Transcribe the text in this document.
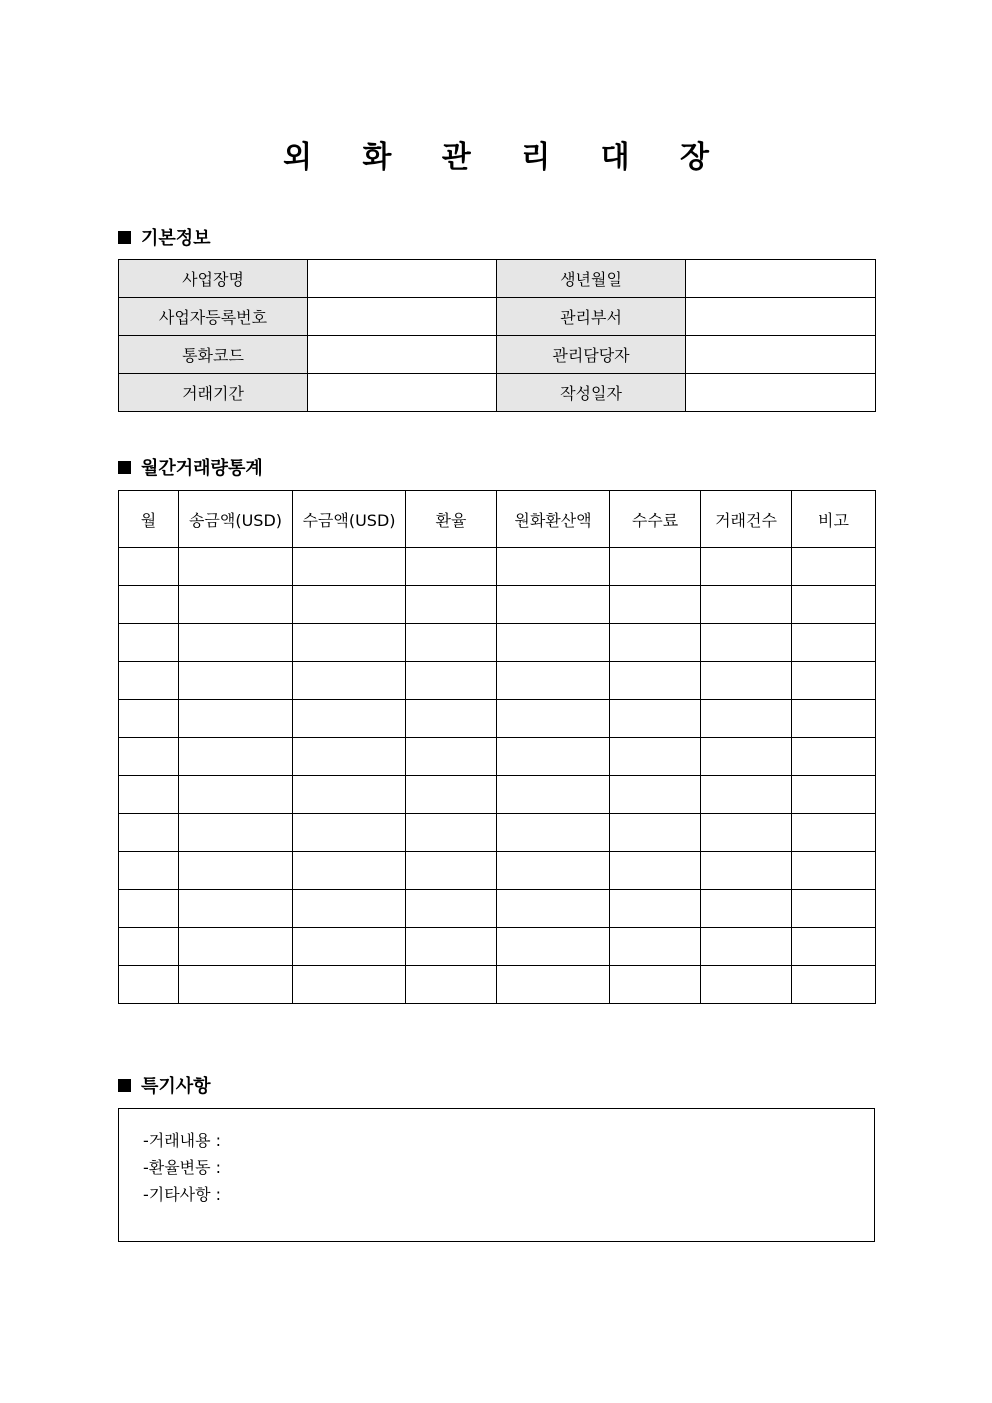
외 화 관 리 대 장
기본정보
사업장명		생년월일	
사업자등록번호		관리부서	
통화코드		관리담당자	
거래기간		작성일자	
월간거래량통계
월	송금액(USD)	수금액(USD)	환율	원화환산액	수수료	거래건수	비고

특기사항
-거래내용 :
-환율변동 :
-기타사항 :
